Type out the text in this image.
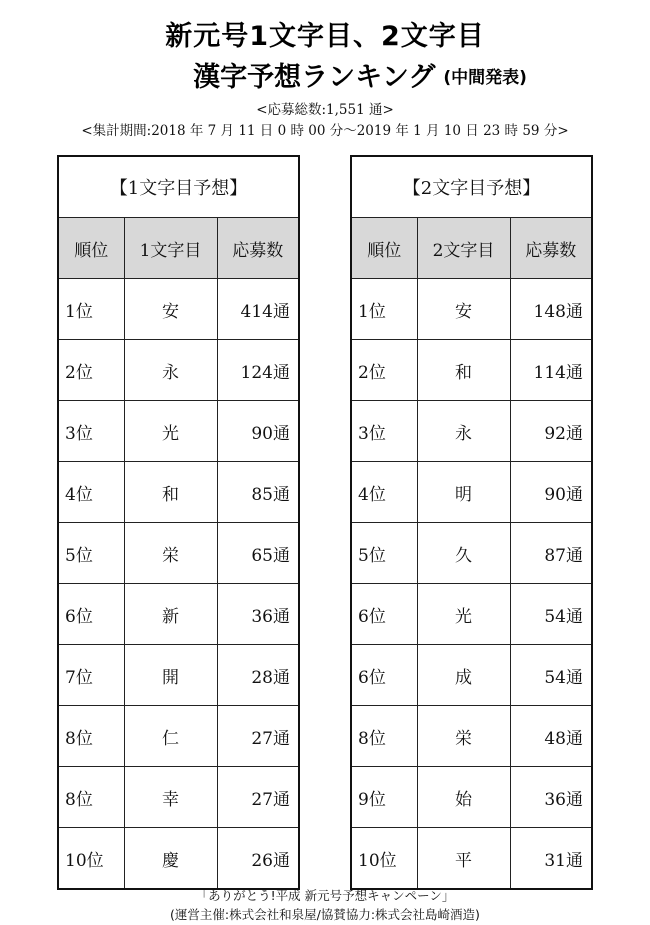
新元号1文字目、2文字目
漢字予想ランキング (中間発表)
<応募総数:1,551 通>
<集計期間:2018 年 7 月 11 日 0 時 00 分〜2019 年 1 月 10 日 23 時 59 分>
【1文字目予想】		
順位	1文字目	応募数
1位	安	414通
2位	永	124通
3位	光	90通
4位	和	85通
5位	栄	65通
6位	新	36通
7位	開	28通
8位	仁	27通
8位	幸	27通
10位	慶	26通
【2文字目予想】		
順位	2文字目	応募数
1位	安	148通
2位	和	114通
3位	永	92通
4位	明	90通
5位	久	87通
6位	光	54通
6位	成	54通
8位	栄	48通
9位	始	36通
10位	平	31通
「ありがとう!平成 新元号予想キャンペーン」
(運営主催:株式会社和泉屋/協賛協力:株式会社島崎酒造)
